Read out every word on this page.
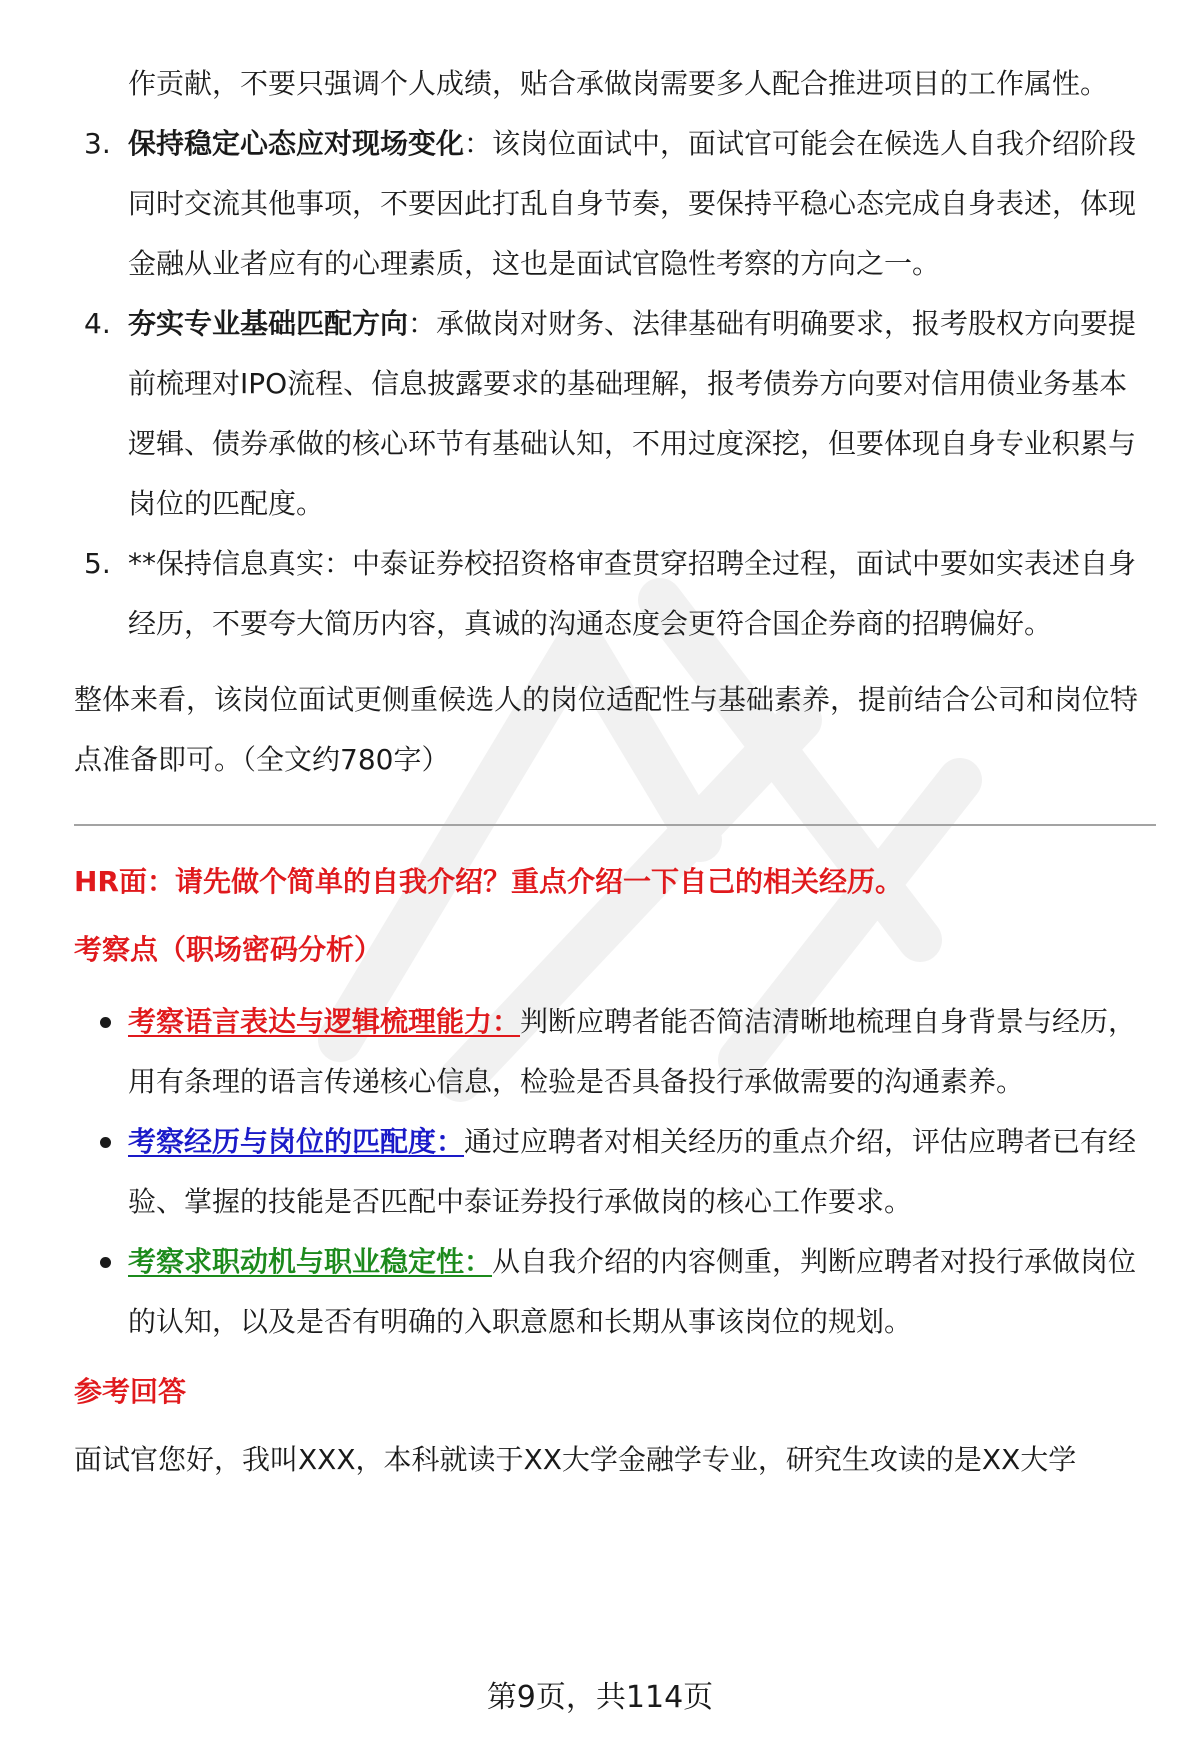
作贡献，不要只强调个人成绩，贴合承做岗需要多人配合推进项目的工作属性。

3. 保持稳定心态应对现场变化：该岗位面试中，面试官可能会在候选人自我介绍阶段同时交流其他事项，不要因此打乱自身节奏，要保持平稳心态完成自身表述，体现金融从业者应有的心理素质，这也是面试官隐性考察的方向之一。
4. 夯实专业基础匹配方向：承做岗对财务、法律基础有明确要求，报考股权方向要提前梳理对IPO流程、信息披露要求的基础理解，报考债券方向要对信用债业务基本逻辑、债券承做的核心环节有基础认知，不用过度深挖，但要体现自身专业积累与岗位的匹配度。
5. **保持信息真实：中泰证券校招资格审查贯穿招聘全过程，面试中要如实表述自身经历，不要夸大简历内容，真诚的沟通态度会更符合国企券商的招聘偏好。

整体来看，该岗位面试更侧重候选人的岗位适配性与基础素养，提前结合公司和岗位特点准备即可。（全文约780字）

HR面：请先做个简单的自我介绍？重点介绍一下自己的相关经历。

考察点（职场密码分析）

考察语言表达与逻辑梳理能力：判断应聘者能否简洁清晰地梳理自身背景与经历，用有条理的语言传递核心信息，检验是否具备投行承做需要的沟通素养。
考察经历与岗位的匹配度：通过应聘者对相关经历的重点介绍，评估应聘者已有经验、掌握的技能是否匹配中泰证券投行承做岗的核心工作要求。
考察求职动机与职业稳定性：从自我介绍的内容侧重，判断应聘者对投行承做岗位的认知，以及是否有明确的入职意愿和长期从事该岗位的规划。

参考回答

面试官您好，我叫XXX，本科就读于XX大学金融学专业，研究生攻读的是XX大学

第9页，共114页
